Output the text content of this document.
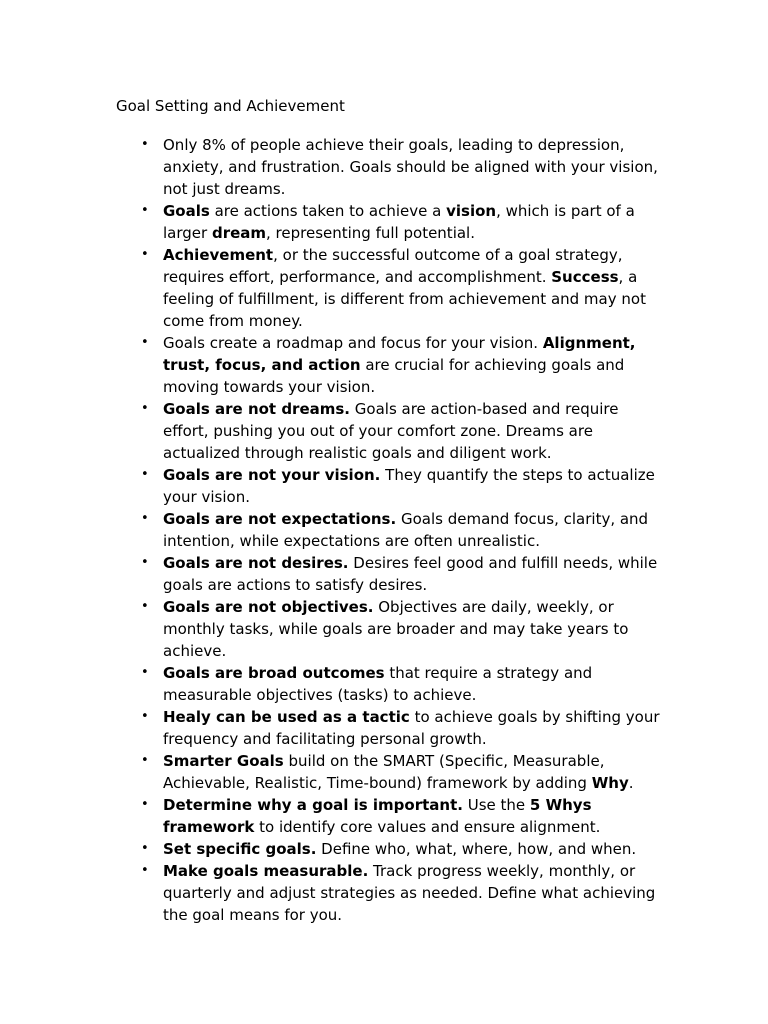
Goal Setting and Achievement
• Only 8% of people achieve their goals, leading to depression, anxiety, and frustration. Goals should be aligned with your vision, not just dreams.
• Goals are actions taken to achieve a vision, which is part of a larger dream, representing full potential.
• Achievement, or the successful outcome of a goal strategy, requires effort, performance, and accomplishment. Success, a feeling of fulfillment, is different from achievement and may not come from money.
• Goals create a roadmap and focus for your vision. Alignment, trust, focus, and action are crucial for achieving goals and moving towards your vision.
• Goals are not dreams. Goals are action-based and require effort, pushing you out of your comfort zone. Dreams are actualized through realistic goals and diligent work.
• Goals are not your vision. They quantify the steps to actualize your vision.
• Goals are not expectations. Goals demand focus, clarity, and intention, while expectations are often unrealistic.
• Goals are not desires. Desires feel good and fulfill needs, while goals are actions to satisfy desires.
• Goals are not objectives. Objectives are daily, weekly, or monthly tasks, while goals are broader and may take years to achieve.
• Goals are broad outcomes that require a strategy and measurable objectives (tasks) to achieve.
• Healy can be used as a tactic to achieve goals by shifting your frequency and facilitating personal growth.
• Smarter Goals build on the SMART (Specific, Measurable, Achievable, Realistic, Time-bound) framework by adding Why.
• Determine why a goal is important. Use the 5 Whys framework to identify core values and ensure alignment.
• Set specific goals. Define who, what, where, how, and when.
• Make goals measurable. Track progress weekly, monthly, or quarterly and adjust strategies as needed. Define what achieving the goal means for you.
